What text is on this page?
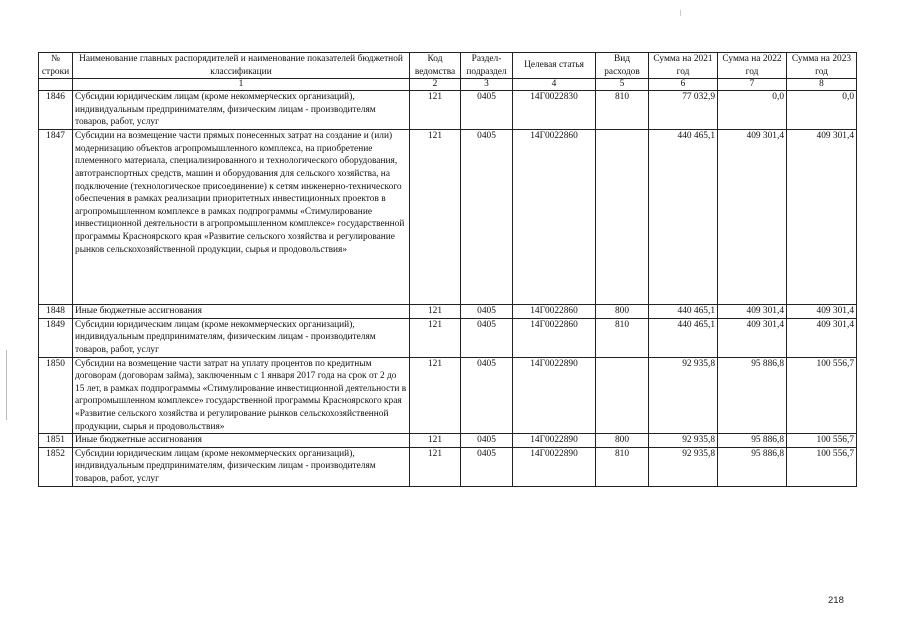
№ строки	Наименование главных распорядителей и наименование показателей бюджетной классификации	Код ведомства	Раздел-подраздел	Целевая статья	Вид расходов	Сумма на 2021 год	Сумма на 2022 год	Сумма на 2023 год
	1	2	3	4	5	6	7	8
1846	Субсидии юридическим лицам (кроме некоммерческих организаций), индивидуальным предпринимателям, физическим лицам - производителям товаров, работ, услуг	121	0405	14Г0022830	810	77 032,9	0,0	0,0
1847	Субсидии на возмещение части прямых понесенных затрат на создание и (или) модернизацию объектов агропромышленного комплекса, на приобретение племенного материала, специализированного и технологического оборудования, автотранспортных средств, машин и оборудования для сельского хозяйства, на подключение (технологическое присоединение) к сетям инженерно-технического обеспечения в рамках реализации приоритетных инвестиционных проектов в агропромышленном комплексе в рамках подпрограммы «Стимулирование инвестиционной деятельности в агропромышленном комплексе» государственной программы Красноярского края «Развитие сельского хозяйства и регулирование рынков сельскохозяйственной продукции, сырья и продовольствия»	121	0405	14Г0022860		440 465,1	409 301,4	409 301,4
1848	Иные бюджетные ассигнования	121	0405	14Г0022860	800	440 465,1	409 301,4	409 301,4
1849	Субсидии юридическим лицам (кроме некоммерческих организаций), индивидуальным предпринимателям, физическим лицам - производителям товаров, работ, услуг	121	0405	14Г0022860	810	440 465,1	409 301,4	409 301,4
1850	Субсидии на возмещение части затрат на уплату процентов по кредитным договорам (договорам займа), заключенным с 1 января 2017 года на срок от 2 до 15 лет, в рамках подпрограммы «Стимулирование инвестиционной деятельности в агропромышленном комплексе» государственной программы Красноярского края «Развитие сельского хозяйства и регулирование рынков сельскохозяйственной продукции, сырья и продовольствия»	121	0405	14Г0022890		92 935,8	95 886,8	100 556,7
1851	Иные бюджетные ассигнования	121	0405	14Г0022890	800	92 935,8	95 886,8	100 556,7
1852	Субсидии юридическим лицам (кроме некоммерческих организаций), индивидуальным предпринимателям, физическим лицам - производителям товаров, работ, услуг	121	0405	14Г0022890	810	92 935,8	95 886,8	100 556,7
218
